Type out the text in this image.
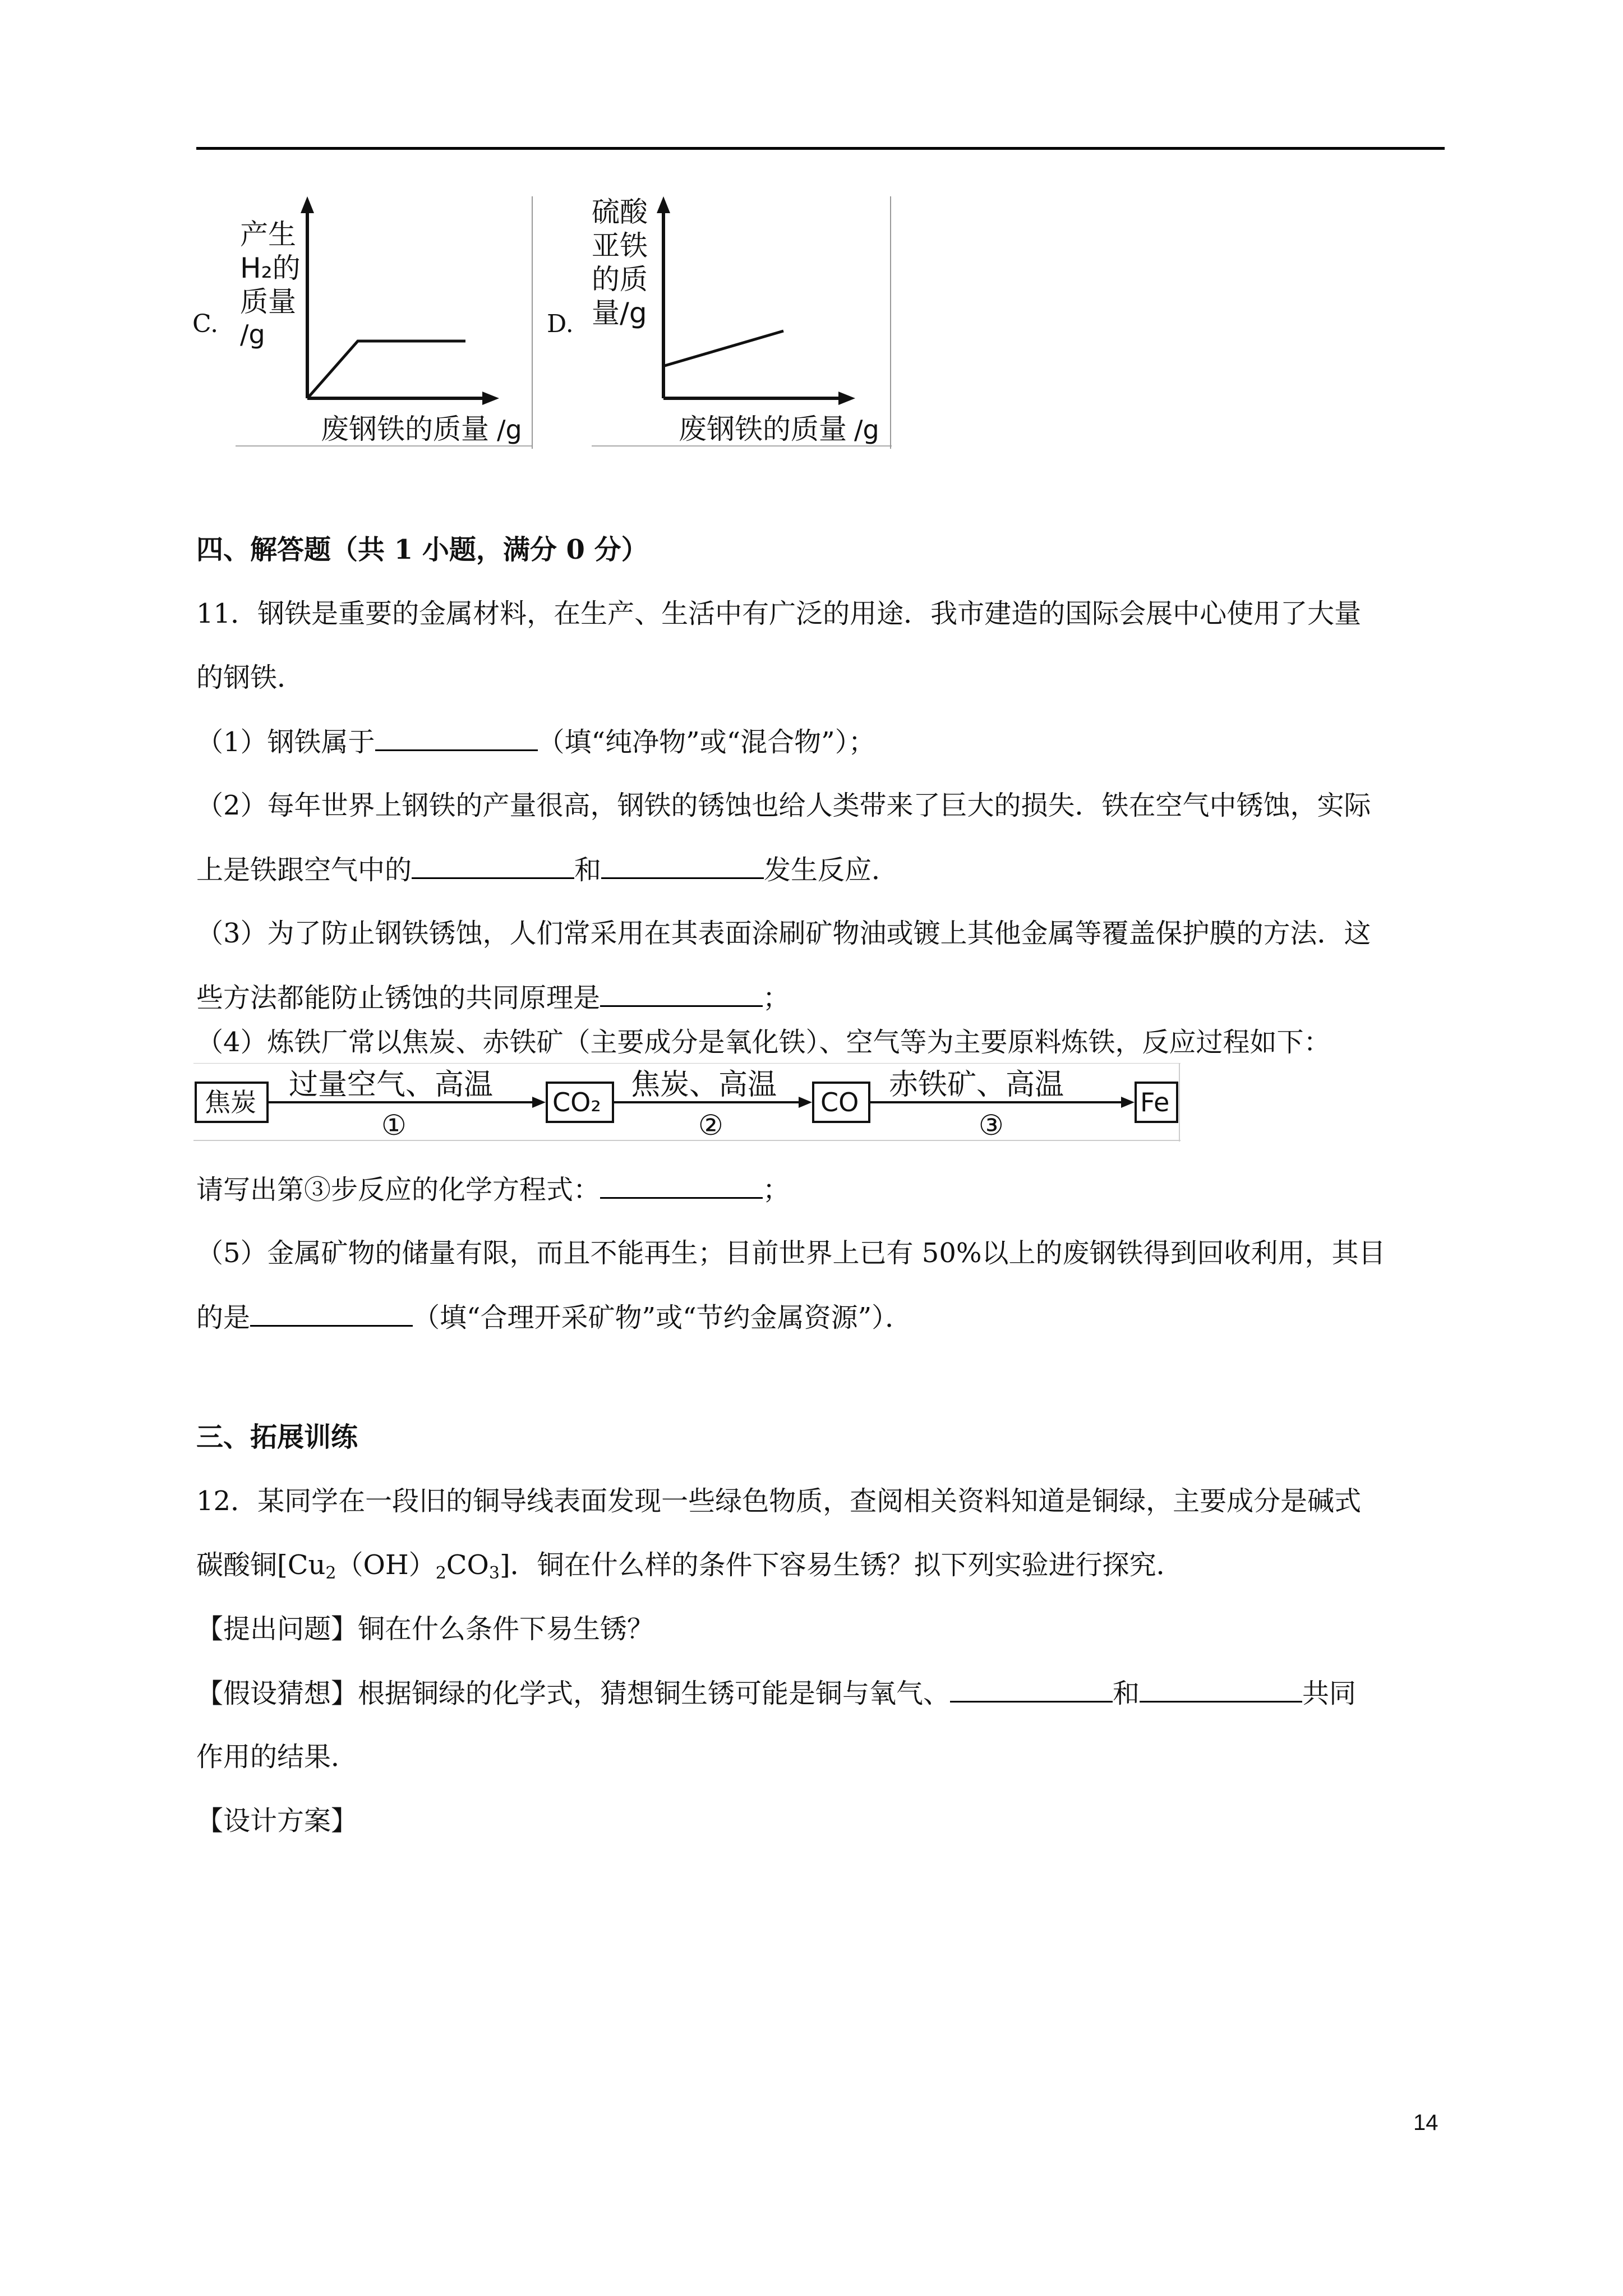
C.
产生
H₂的
质量
/g
废钢铁的质量 /g
D.
硫酸
亚铁
的质
量/g
废钢铁的质量 /g
四、解答题（共 1 小题，满分 0 分）
11．钢铁是重要的金属材料，在生产、生活中有广泛的用途．我市建造的国际会展中心使用了大量
的钢铁．
（1）钢铁属于	（填“纯净物”或“混合物”）；
（2）每年世界上钢铁的产量很高，钢铁的锈蚀也给人类带来了巨大的损失．铁在空气中锈蚀，实际
上是铁跟空气中的	和	发生反应．
（3）为了防止钢铁锈蚀，人们常采用在其表面涂刷矿物油或镀上其他金属等覆盖保护膜的方法．这
些方法都能防止锈蚀的共同原理是	；
（4）炼铁厂常以焦炭、赤铁矿（主要成分是氧化铁）、空气等为主要原料炼铁，反应过程如下：
焦炭
过量空气、高温
①
CO₂
焦炭、高温
②
CO
赤铁矿、高温
③
Fe
请写出第③步反应的化学方程式：	；
（5）金属矿物的储量有限，而且不能再生；目前世界上已有 50%以上的废钢铁得到回收利用，其目
的是	（填“合理开采矿物”或“节约金属资源”）．
三、拓展训练
12．某同学在一段旧的铜导线表面发现一些绿色物质，查阅相关资料知道是铜绿，主要成分是碱式
碳酸铜$[Cu_2(OH)_2CO_3]$．铜在什么样的条件下容易生锈？拟下列实验进行探究．
【提出问题】铜在什么条件下易生锈？
【假设猜想】根据铜绿的化学式，猜想铜生锈可能是铜与氧气、	和	共同
作用的结果．
【设计方案】
14
